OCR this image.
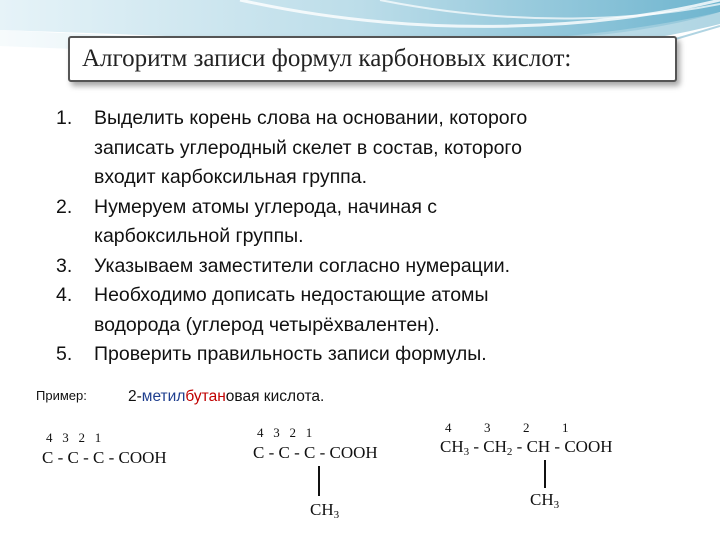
Алгоритм записи формул карбоновых кислот:
1. Выделить корень слова на основании, которого
записать углеродный скелет в состав, которого
входит карбоксильная группа.
2. Нумеруем атомы углерода, начиная с
карбоксильной группы.
3. Указываем заместители согласно нумерации.
4. Необходимо дописать недостающие атомы
водорода (углерод четырёхвалентен).
5. Проверить правильность записи формулы.
Пример:	2-метилбутановая кислота.
4   3   2   1
C - C - C - COOH
4   3   2   1
C - C - C - COOH
$CH_3$
4          3          2          1
$CH_3 - CH_2$ - CH - COOH
$CH_3$
